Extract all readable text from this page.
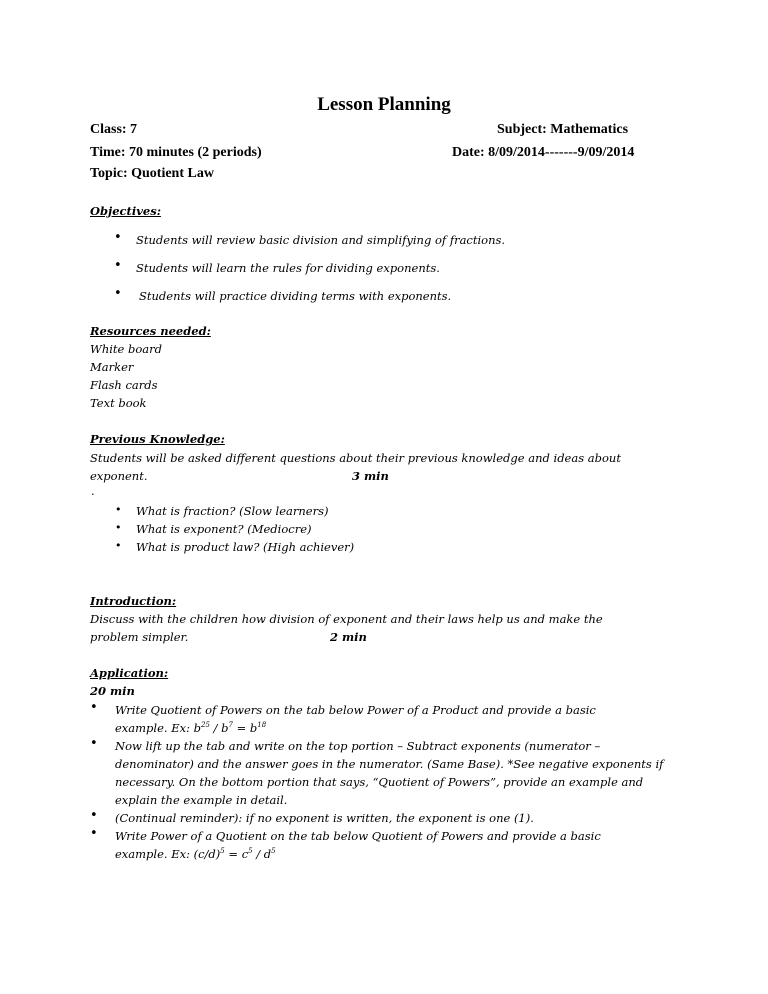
Lesson Planning
Class: 7	Subject: Mathematics
Time: 70 minutes (2 periods)	Date: 8/09/2014-------9/09/2014
Topic: Quotient Law
Objectives:
• Students will review basic division and simplifying of fractions.
• Students will learn the rules for dividing exponents.
• Students will practice dividing terms with exponents.
Resources needed:
White board
Marker
Flash cards
Text book
Previous Knowledge:
Students will be asked different questions about their previous knowledge and ideas about
exponent.	3 min
.
• What is fraction? (Slow learners)
• What is exponent? (Mediocre)
• What is product law? (High achiever)
Introduction:
Discuss with the children how division of exponent and their laws help us and make the
problem simpler.	2 min
Application:
20 min
• Write Quotient of Powers on the tab below Power of a Product and provide a basic
example. Ex: $b^{25} / b^7 = b^{18}$
• Now lift up the tab and write on the top portion – Subtract exponents (numerator –
denominator) and the answer goes in the numerator. (Same Base). *See negative exponents if
necessary. On the bottom portion that says, “Quotient of Powers”, provide an example and
explain the example in detail.
• (Continual reminder): if no exponent is written, the exponent is one (1).
• Write Power of a Quotient on the tab below Quotient of Powers and provide a basic
example. Ex: $(c/d)^5 = c^5 / d^5$
